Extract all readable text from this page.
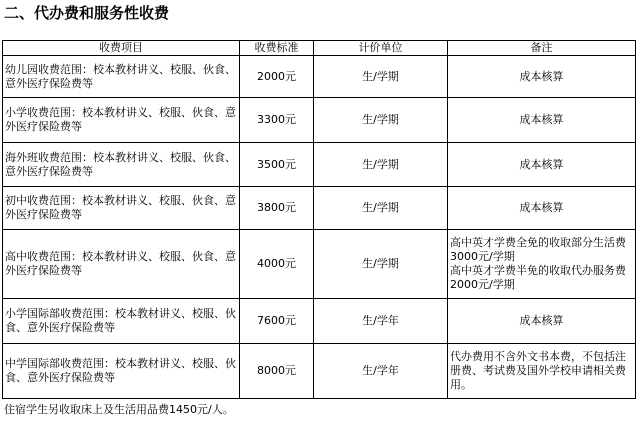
二、代办费和服务性收费
收费项目	收费标准	计价单位	备注
幼儿园收费范围：校本教材讲义、校服、伙食、意外医疗保险费等	2000元	生/学期	成本核算
小学收费范围：校本教材讲义、校服、伙食、意外医疗保险费等	3300元	生/学期	成本核算
海外班收费范围：校本教材讲义、校服、伙食、意外医疗保险费等	3500元	生/学期	成本核算
初中收费范围：校本教材讲义、校服、伙食、意外医疗保险费等	3800元	生/学期	成本核算
高中收费范围：校本教材讲义、校服、伙食、意外医疗保险费等	4000元	生/学期	高中英才学费全免的收取部分生活费
3000元/学期
高中英才学费半免的收取代办服务费
2000元/学期

小学国际部收费范围：校本教材讲义、校服、伙食、意外医疗保险费等	7600元	生/学年	成本核算
中学国际部收费范围：校本教材讲义、校服、伙食、意外医疗保险费等	8000元	生/学年	代办费用不含外文书本费，不包括注册费、考试费及国外学校申请相关费用。
住宿学生另收取床上及生活用品费1450元/人。
